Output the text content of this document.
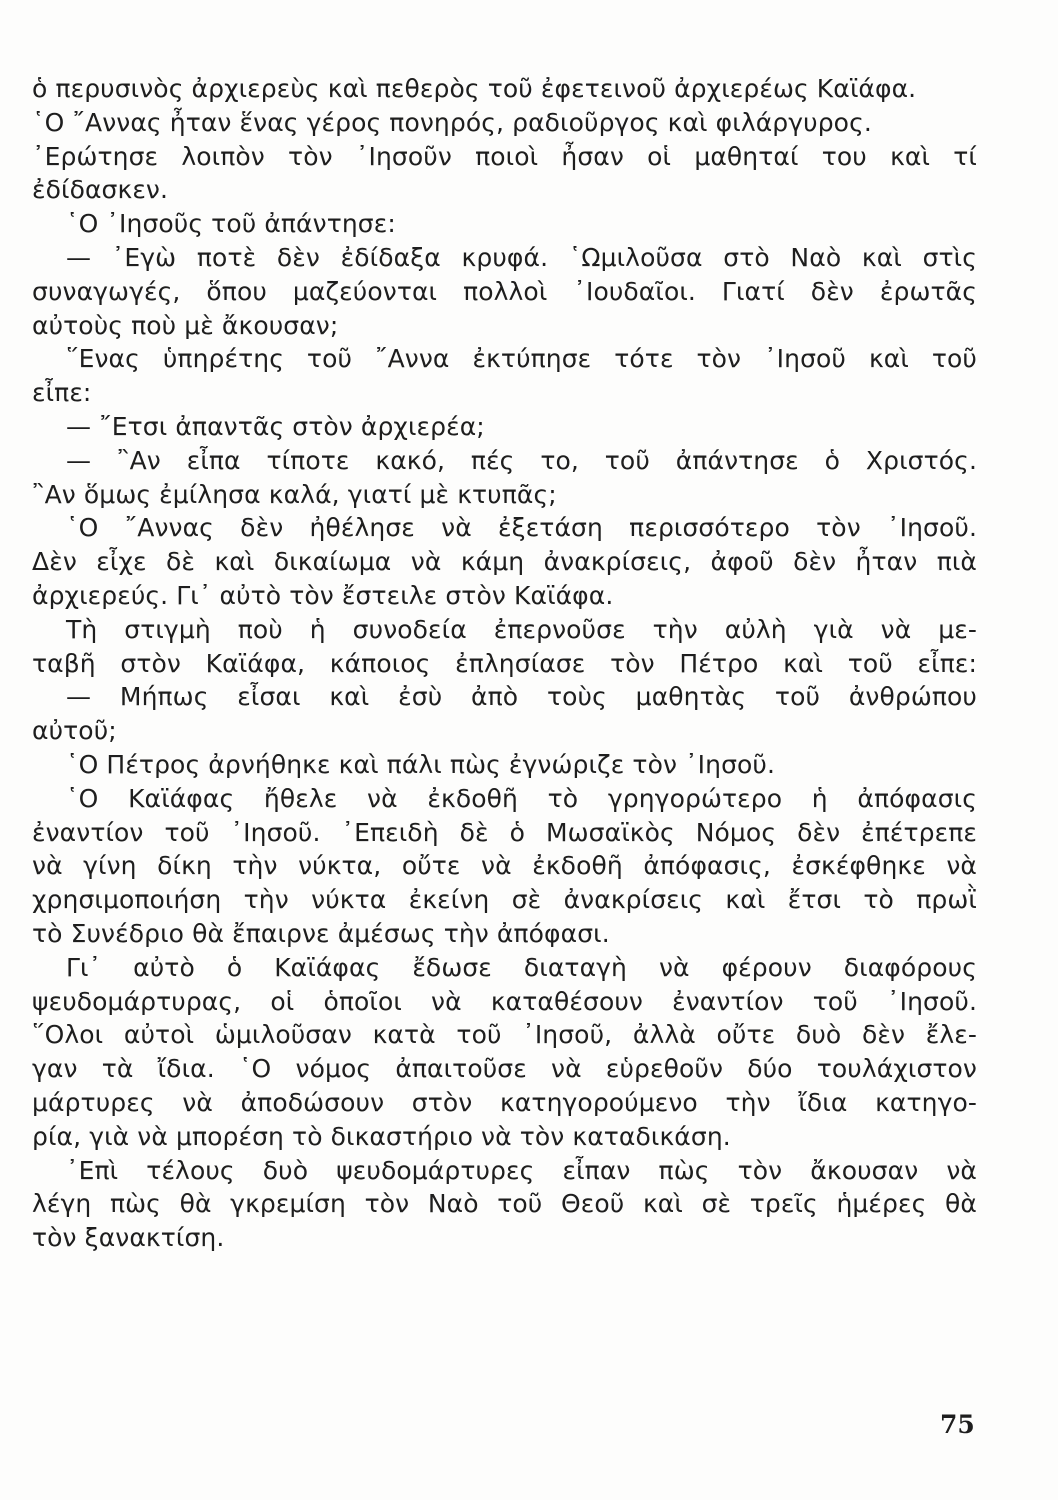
ὁ περυσινὸς ἀρχιερεὺς καὶ πεθερὸς τοῦ ἐφετεινοῦ ἀρχιερέως Καϊάφα.
῾Ο ῎Αννας ἦταν ἕνας γέρος πονηρός, ραδιοῦργος καὶ φιλάργυρος.
᾿Ερώτησε λοιπὸν τὸν ᾿Ιησοῦν ποιοὶ ἦσαν οἱ μαθηταί του καὶ τί
ἐδίδασκεν.
῾Ο ᾿Ιησοῦς τοῦ ἀπάντησε:
— ᾿Εγὼ ποτὲ δὲν ἐδίδαξα κρυφά. ῾Ωμιλοῦσα στὸ Ναὸ καὶ στὶς
συναγωγές, ὅπου μαζεύονται πολλοὶ ᾿Ιουδαῖοι. Γιατί δὲν ἐρωτᾶς
αὐτοὺς ποὺ μὲ ἄκουσαν;
῞Ενας ὑπηρέτης τοῦ ῎Αννα ἐκτύπησε τότε τὸν ᾿Ιησοῦ καὶ τοῦ
εἶπε:
— ῎Ετσι ἀπαντᾶς στὸν ἀρχιερέα;
— ῍Αν εἶπα τίποτε κακό, πές το, τοῦ ἀπάντησε ὁ Χριστός.
῍Αν ὅμως ἐμίλησα καλά, γιατί μὲ κτυπᾶς;
῾Ο ῎Αννας δὲν ἠθέλησε νὰ ἐξετάση περισσότερο τὸν ᾿Ιησοῦ.
Δὲν εἶχε δὲ καὶ δικαίωμα νὰ κάμη ἀνακρίσεις, ἀφοῦ δὲν ἦταν πιὰ
ἀρχιερεύς. Γι᾿ αὐτὸ τὸν ἔστειλε στὸν Καϊάφα.
Τὴ στιγμὴ ποὺ ἡ συνοδεία ἐπερνοῦσε τὴν αὐλὴ γιὰ νὰ με-
ταβῆ στὸν Καϊάφα, κάποιος ἐπλησίασε τὸν Πέτρο καὶ τοῦ εἶπε:
— Μήπως εἶσαι καὶ ἐσὺ ἀπὸ τοὺς μαθητὰς τοῦ ἀνθρώπου
αὐτοῦ;
῾Ο Πέτρος ἀρνήθηκε καὶ πάλι πὼς ἐγνώριζε τὸν ᾿Ιησοῦ.
῾Ο Καϊάφας ἤθελε νὰ ἐκδοθῆ τὸ γρηγορώτερο ἡ ἀπόφασις
ἐναντίον τοῦ ᾿Ιησοῦ. ᾿Επειδὴ δὲ ὁ Μωσαϊκὸς Νόμος δὲν ἐπέτρεπε
νὰ γίνη δίκη τὴν νύκτα, οὔτε νὰ ἐκδοθῆ ἀπόφασις, ἐσκέφθηκε νὰ
χρησιμοποιήση τὴν νύκτα ἐκείνη σὲ ἀνακρίσεις καὶ ἔτσι τὸ πρωῒ
τὸ Συνέδριο θὰ ἔπαιρνε ἀμέσως τὴν ἀπόφασι.
Γι᾿ αὐτὸ ὁ Καϊάφας ἔδωσε διαταγὴ νὰ φέρουν διαφόρους
ψευδομάρτυρας, οἱ ὁποῖοι νὰ καταθέσουν ἐναντίον τοῦ ᾿Ιησοῦ.
῞Ολοι αὐτοὶ ὡμιλοῦσαν κατὰ τοῦ ᾿Ιησοῦ, ἀλλὰ οὔτε δυὸ δὲν ἔλε-
γαν τὰ ἴδια. ῾Ο νόμος ἀπαιτοῦσε νὰ εὑρεθοῦν δύο τουλάχιστον
μάρτυρες νὰ ἀποδώσουν στὸν κατηγορούμενο τὴν ἴδια κατηγο-
ρία, γιὰ νὰ μπορέση τὸ δικαστήριο νὰ τὸν καταδικάση.
᾿Επὶ τέλους δυὸ ψευδομάρτυρες εἶπαν πὼς τὸν ἄκουσαν νὰ
λέγη πὼς θὰ γκρεμίση τὸν Ναὸ τοῦ Θεοῦ καὶ σὲ τρεῖς ἡμέρες θὰ
τὸν ξανακτίση.
75
